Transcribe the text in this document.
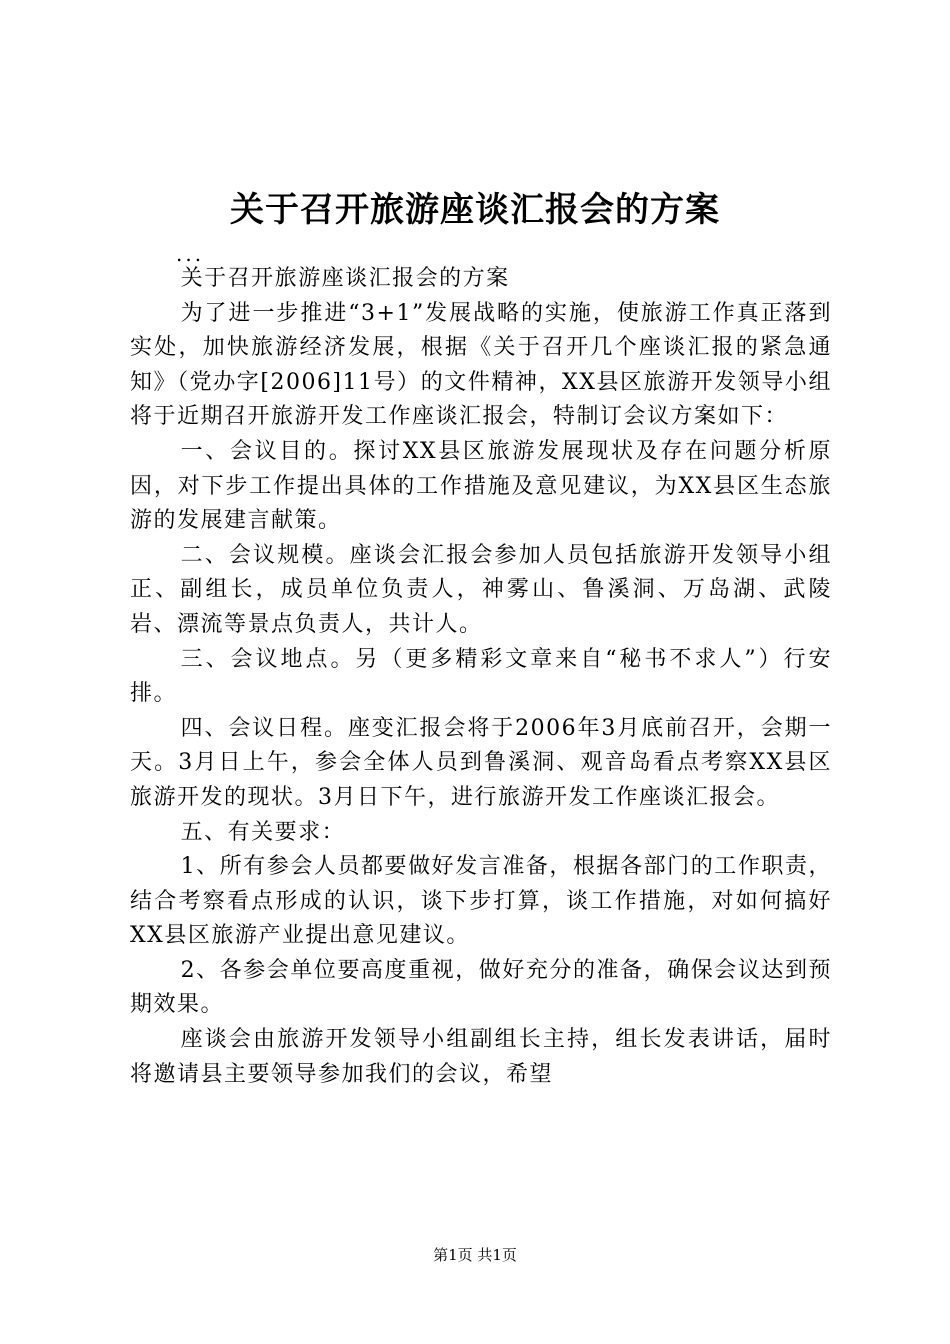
关于召开旅游座谈汇报会的方案
...

关于召开旅游座谈汇报会的方案

为了进一步推进“3+1”发展战略的实施，使旅游工作真正落到实处，加快旅游经济发展，根据《关于召开几个座谈汇报的紧急通知》（党办字[2006]11号）的文件精神，XX县区旅游开发领导小组将于近期召开旅游开发工作座谈汇报会，特制订会议方案如下：

一、会议目的。探讨XX县区旅游发展现状及存在问题分析原因，对下步工作提出具体的工作措施及意见建议，为XX县区生态旅游的发展建言献策。

二、会议规模。座谈会汇报会参加人员包括旅游开发领导小组正、副组长，成员单位负责人，神雾山、鲁溪洞、万岛湖、武陵岩、漂流等景点负责人，共计人。

三、会议地点。另（更多精彩文章来自“秘书不求人”）行安排。

四、会议日程。座变汇报会将于2006年3月底前召开，会期一天。3月日上午，参会全体人员到鲁溪洞、观音岛看点考察XX县区旅游开发的现状。3月日下午，进行旅游开发工作座谈汇报会。

五、有关要求：

1、所有参会人员都要做好发言准备，根据各部门的工作职责，结合考察看点形成的认识，谈下步打算，谈工作措施，对如何搞好XX县区旅游产业提出意见建议。

2、各参会单位要高度重视，做好充分的准备，确保会议达到预期效果。

座谈会由旅游开发领导小组副组长主持，组长发表讲话，届时将邀请县主要领导参加我们的会议，希望

第1页 共1页
